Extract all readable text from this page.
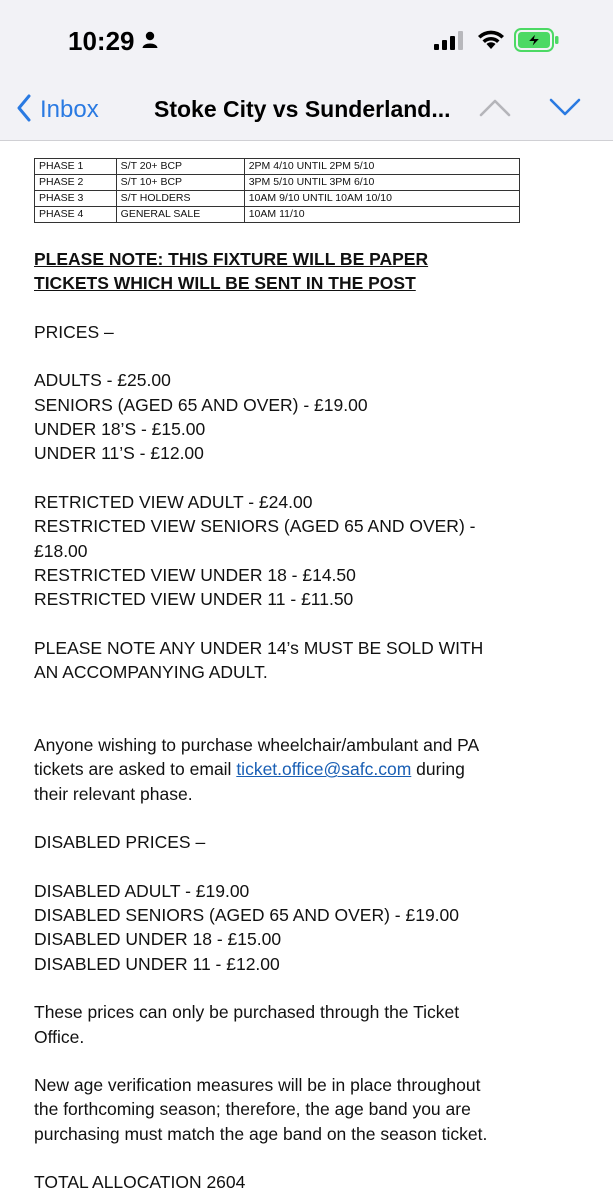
10:29
Inbox Stoke City vs Sunderland...
PHASE 1	S/T 20+ BCP	2PM 4/10 UNTIL 2PM 5/10
PHASE 2	S/T 10+ BCP	3PM 5/10 UNTIL 3PM 6/10
PHASE 3	S/T HOLDERS	10AM 9/10 UNTIL 10AM 10/10
PHASE 4	GENERAL SALE	10AM 11/10
PLEASE NOTE: THIS FIXTURE WILL BE PAPER
TICKETS WHICH WILL BE SENT IN THE POST

PRICES –

ADULTS - £25.00

SENIORS (AGED 65 AND OVER) - £19.00

UNDER 18’S - £15.00

UNDER 11’S - £12.00

RETRICTED VIEW ADULT - £24.00

RESTRICTED VIEW SENIORS (AGED 65 AND OVER) -

£18.00

RESTRICTED VIEW UNDER 18 - £14.50

RESTRICTED VIEW UNDER 11 - £11.50

PLEASE NOTE ANY UNDER 14’s MUST BE SOLD WITH

AN ACCOMPANYING ADULT.

Anyone wishing to purchase wheelchair/ambulant and PA

tickets are asked to email ticket.office@safc.com during

their relevant phase.

DISABLED PRICES –

DISABLED ADULT - £19.00

DISABLED SENIORS (AGED 65 AND OVER) - £19.00

DISABLED UNDER 18 - £15.00

DISABLED UNDER 11 - £12.00

These prices can only be purchased through the Ticket

Office.

New age verification measures will be in place throughout

the forthcoming season; therefore, the age band you are

purchasing must match the age band on the season ticket.

TOTAL ALLOCATION 2604
